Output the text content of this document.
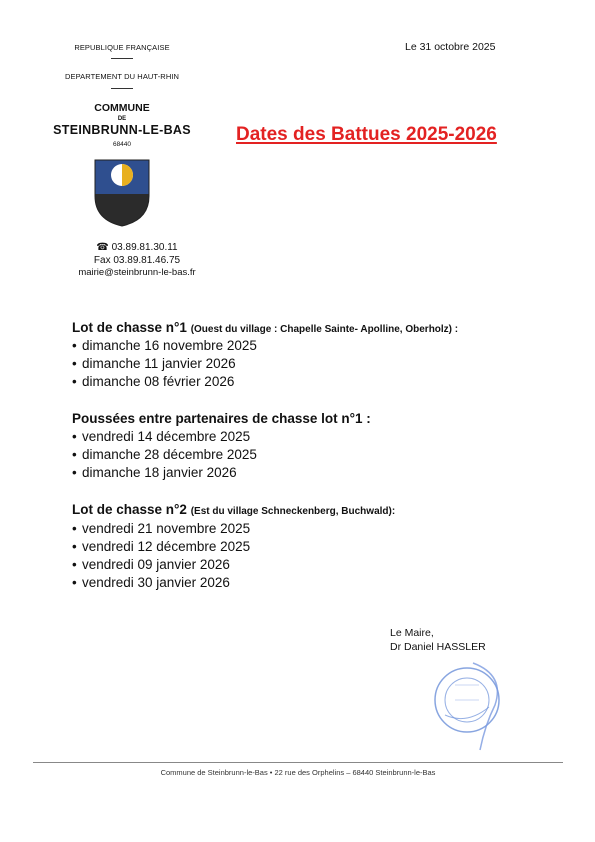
REPUBLIQUE FRANÇAISE
DEPARTEMENT DU HAUT-RHIN
COMMUNE
DE
STEINBRUNN-LE-BAS
68440
Le 31 octobre 2025
Dates des Battues 2025-2026
☎ 03.89.81.30.11
Fax 03.89.81.46.75
mairie@steinbrunn-le-bas.fr
Lot de chasse n°1 (Ouest du village : Chapelle Sainte- Apolline, Oberholz) :
• dimanche 16 novembre 2025
• dimanche 11 janvier 2026
• dimanche 08 février 2026
Poussées entre partenaires de chasse lot n°1 :
• vendredi 14 décembre 2025
• dimanche 28 décembre 2025
• dimanche 18 janvier 2026
Lot de chasse n°2 (Est du village Schneckenberg, Buchwald):
• vendredi 21 novembre 2025
• vendredi 12 décembre 2025
• vendredi 09 janvier 2026
• vendredi 30 janvier 2026
Le Maire,
Dr Daniel HASSLER
Commune de Steinbrunn-le-Bas • 22 rue des Orphelins – 68440 Steinbrunn-le-Bas
